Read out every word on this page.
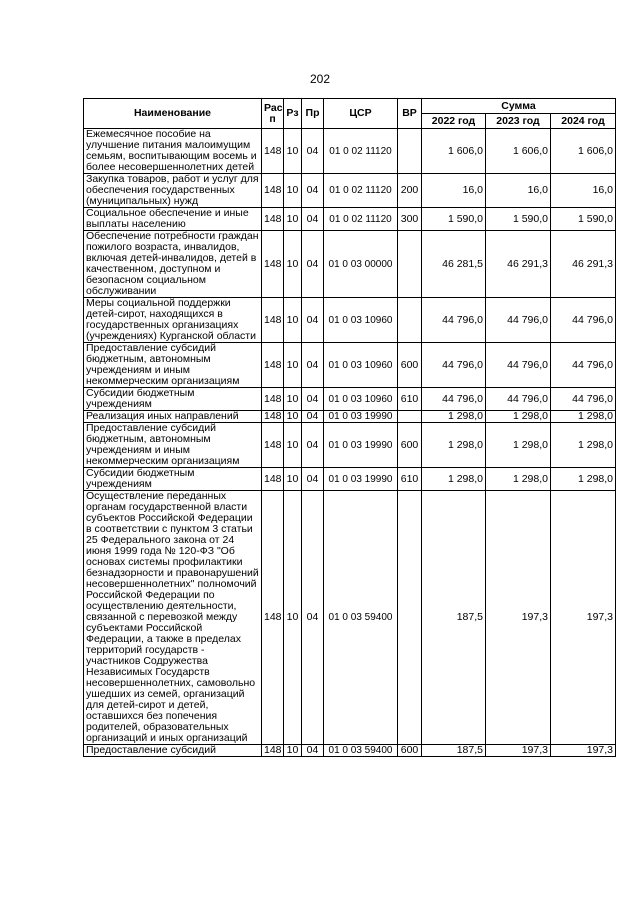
202
Наименование	Рас п	Рз	Пр	ЦСР	ВР	Сумма		
						2022 год	2023 год	2024 год
Ежемесячное пособие на улучшение питания малоимущим семьям, воспитывающим восемь и более несовершеннолетних детей	148	10	04	01 0 02 11120		1 606,0	1 606,0	1 606,0
Закупка товаров, работ и услуг для обеспечения государственных (муниципальных) нужд	148	10	04	01 0 02 11120	200	16,0	16,0	16,0
Социальное обеспечение и иные выплаты населению	148	10	04	01 0 02 11120	300	1 590,0	1 590,0	1 590,0
Обеспечение потребности граждан пожилого возраста, инвалидов, включая детей-инвалидов, детей в качественном, доступном и безопасном социальном обслуживании	148	10	04	01 0 03 00000		46 281,5	46 291,3	46 291,3
Меры социальной поддержки детей-сирот, находящихся в государственных организациях (учреждениях) Курганской области	148	10	04	01 0 03 10960		44 796,0	44 796,0	44 796,0
Предоставление субсидий бюджетным, автономным учреждениям и иным некоммерческим организациям	148	10	04	01 0 03 10960	600	44 796,0	44 796,0	44 796,0
Субсидии бюджетным учреждениям	148	10	04	01 0 03 10960	610	44 796,0	44 796,0	44 796,0
Реализация иных направлений	148	10	04	01 0 03 19990		1 298,0	1 298,0	1 298,0
Предоставление субсидий бюджетным, автономным учреждениям и иным некоммерческим организациям	148	10	04	01 0 03 19990	600	1 298,0	1 298,0	1 298,0
Субсидии бюджетным учреждениям	148	10	04	01 0 03 19990	610	1 298,0	1 298,0	1 298,0
Осуществление переданных органам государственной власти субъектов Российской Федерации в соответствии с пунктом 3 статьи 25 Федерального закона от 24 июня 1999 года № 120-ФЗ "Об основах системы профилактики безнадзорности и правонарушений несовершеннолетних" полномочий Российской Федерации по осуществлению деятельности, связанной с перевозкой между субъектами Российской Федерации, а также в пределах территорий государств - участников Содружества Независимых Государств несовершеннолетних, самовольно ушедших из семей, организаций для детей-сирот и детей, оставшихся без попечения родителей, образовательных организаций и иных организаций	148	10	04	01 0 03 59400		187,5	197,3	197,3
Предоставление субсидий	148	10	04	01 0 03 59400	600	187,5	197,3	197,3
